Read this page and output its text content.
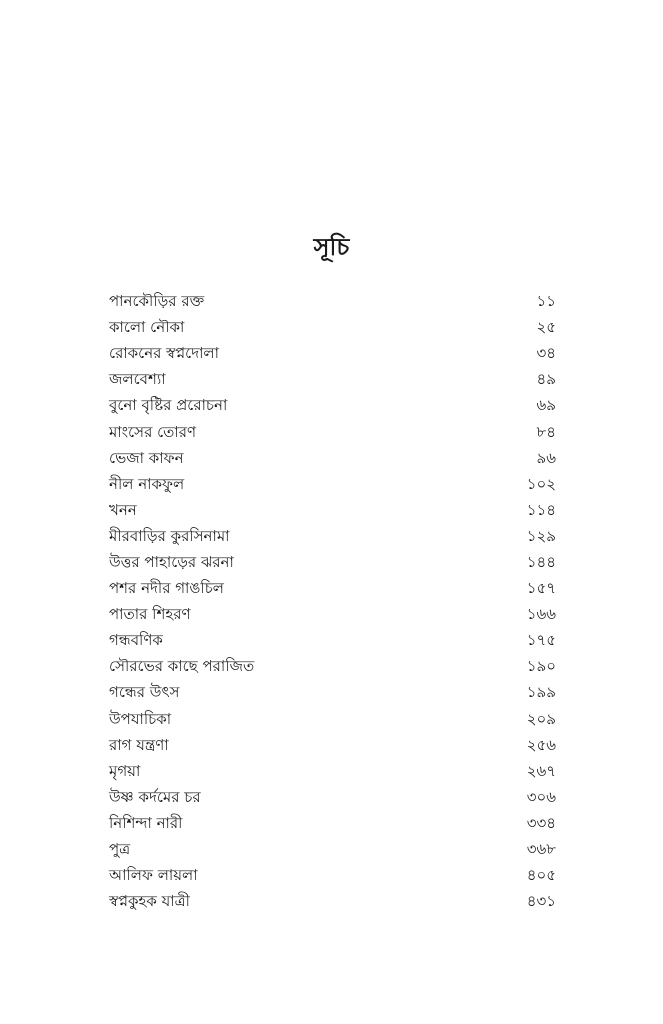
সূচি
পানকৌড়ির রক্ত	১১
কালো নৌকা	২৫
রোকনের স্বপ্নদোলা	৩৪
জলবেশ্যা	৪৯
বুনো বৃষ্টির প্ররোচনা	৬৯
মাংসের তোরণ	৮৪
ভেজা কাফন	৯৬
নীল নাকফুল	১০২
খনন	১১৪
মীরবাড়ির কুরসিনামা	১২৯
উত্তর পাহাড়ের ঝরনা	১৪৪
পশর নদীর গাঙচিল	১৫৭
পাতার শিহরণ	১৬৬
গন্ধবণিক	১৭৫
সৌরভের কাছে পরাজিত	১৯০
গন্ধের উৎস	১৯৯
উপযাচিকা	২০৯
রাগ যন্ত্রণা	২৫৬
মৃগয়া	২৬৭
উষ্ণ কর্দমের চর	৩০৬
নিশিন্দা নারী	৩৩৪
পুত্র	৩৬৮
আলিফ লায়লা	৪০৫
স্বপ্নকুহক যাত্রী	৪৩১
